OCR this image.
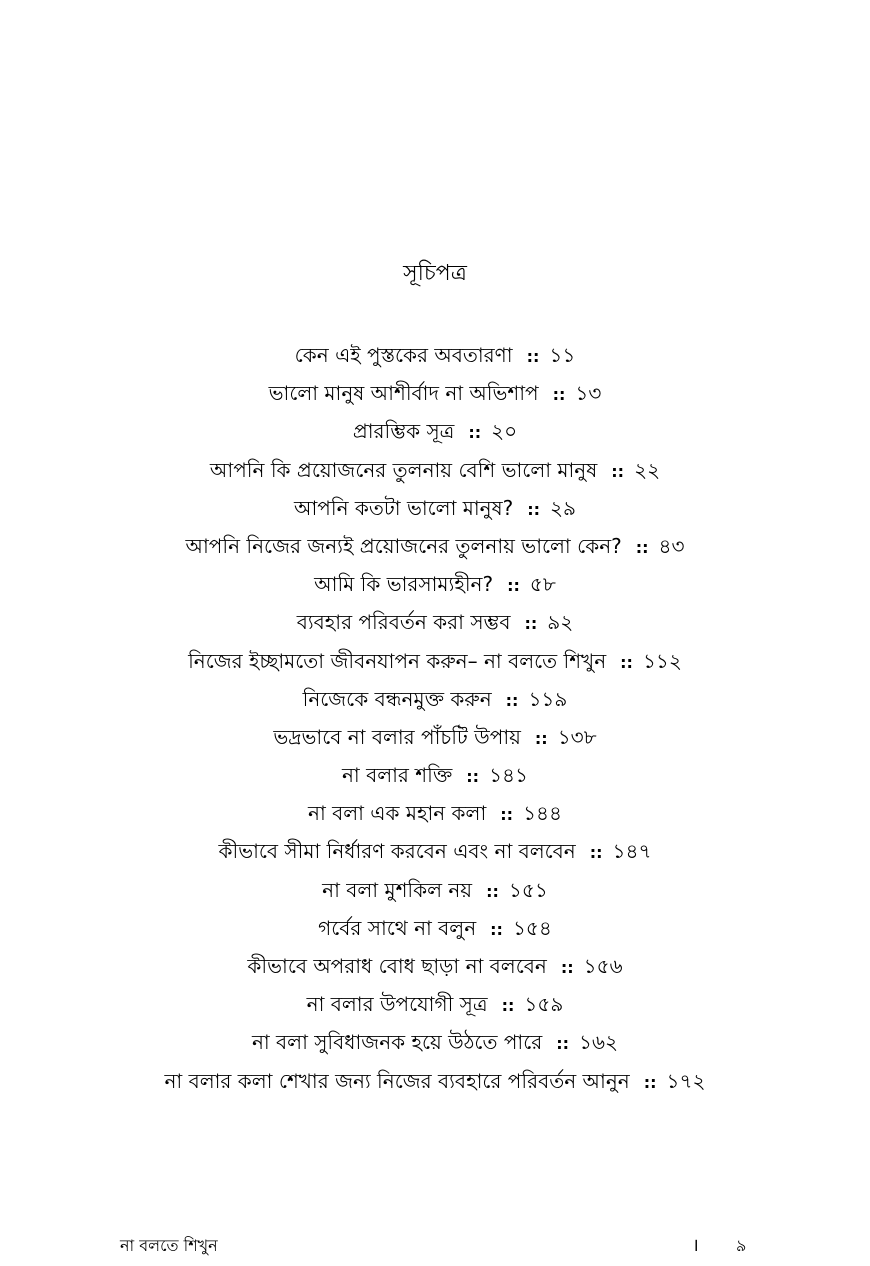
সূচিপত্র
কেন এই পুস্তকের অবতারণা :: ১১
ভালো মানুষ আশীর্বাদ না অভিশাপ :: ১৩
প্রারম্ভিক সূত্র :: ২০
আপনি কি প্রয়োজনের তুলনায় বেশি ভালো মানুষ :: ২২
আপনি কতটা ভালো মানুষ? :: ২৯
আপনি নিজের জন্যই প্রয়োজনের তুলনায় ভালো কেন? :: ৪৩
আমি কি ভারসাম্যহীন? :: ৫৮
ব্যবহার পরিবর্তন করা সম্ভব :: ৯২
নিজের ইচ্ছামতো জীবনযাপন করুন– না বলতে শিখুন :: ১১২
নিজেকে বন্ধনমুক্ত করুন :: ১১৯
ভদ্রভাবে না বলার পাঁচটি উপায় :: ১৩৮
না বলার শক্তি :: ১৪১
না বলা এক মহান কলা :: ১৪৪
কীভাবে সীমা নির্ধারণ করবেন এবং না বলবেন :: ১৪৭
না বলা মুশকিল নয় :: ১৫১
গর্বের সাথে না বলুন :: ১৫৪
কীভাবে অপরাধ বোধ ছাড়া না বলবেন :: ১৫৬
না বলার উপযোগী সূত্র :: ১৫৯
না বলা সুবিধাজনক হয়ে উঠতে পারে :: ১৬২
না বলার কলা শেখার জন্য নিজের ব্যবহারে পরিবর্তন আনুন :: ১৭২
না বলতে শিখুন	। ৯
